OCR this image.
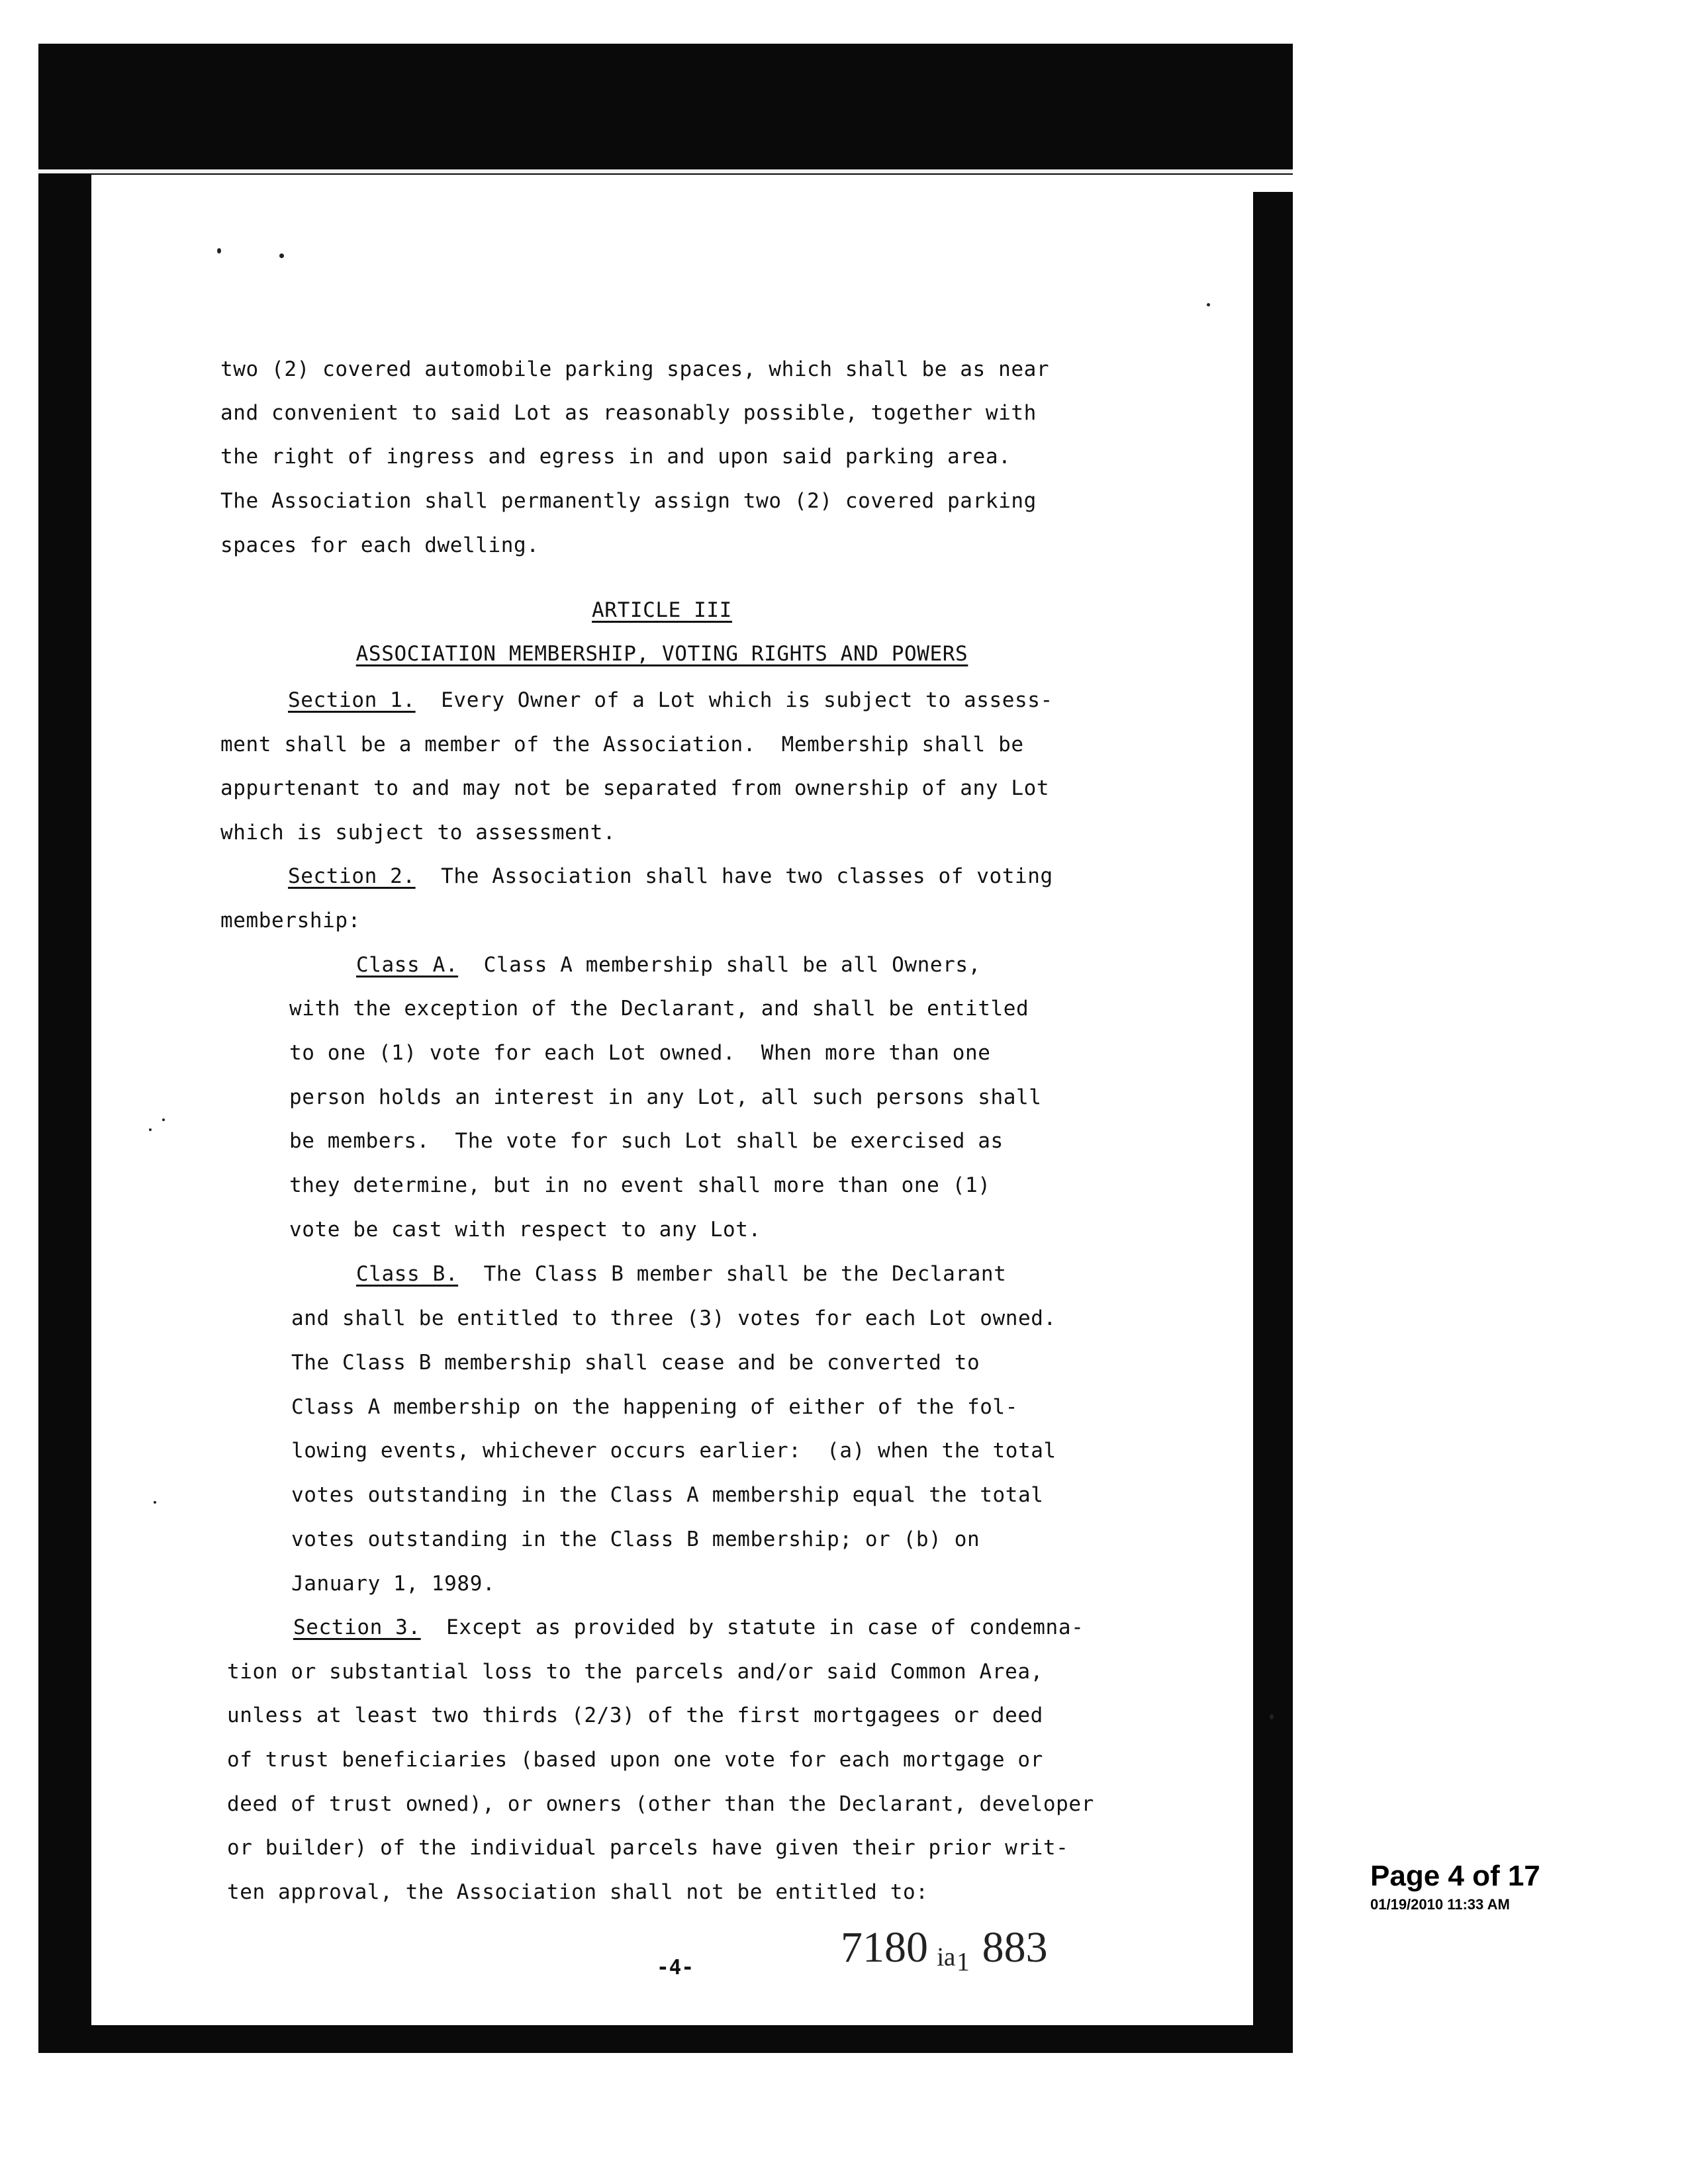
two (2) covered automobile parking spaces, which shall be as near
and convenient to said Lot as reasonably possible, together with
the right of ingress and egress in and upon said parking area.
The Association shall permanently assign two (2) covered parking
spaces for each dwelling.
ARTICLE III
ASSOCIATION MEMBERSHIP, VOTING RIGHTS AND POWERS
Section 1.  Every Owner of a Lot which is subject to assess-
ment shall be a member of the Association.  Membership shall be
appurtenant to and may not be separated from ownership of any Lot
which is subject to assessment.
Section 2.  The Association shall have two classes of voting
membership:
Class A.  Class A membership shall be all Owners,
with the exception of the Declarant, and shall be entitled
to one (1) vote for each Lot owned.  When more than one
person holds an interest in any Lot, all such persons shall
be members.  The vote for such Lot shall be exercised as
they determine, but in no event shall more than one (1)
vote be cast with respect to any Lot.
Class B.  The Class B member shall be the Declarant
and shall be entitled to three (3) votes for each Lot owned.
The Class B membership shall cease and be converted to
Class A membership on the happening of either of the fol-
lowing events, whichever occurs earlier:  (a) when the total
votes outstanding in the Class A membership equal the total
votes outstanding in the Class B membership; or (b) on
January 1, 1989.
Section 3.  Except as provided by statute in case of condemna-
tion or substantial loss to the parcels and/or said Common Area,
unless at least two thirds (2/3) of the first mortgagees or deed
of trust beneficiaries (based upon one vote for each mortgage or
deed of trust owned), or owners (other than the Declarant, developer
or builder) of the individual parcels have given their prior writ-
ten approval, the Association shall not be entitled to:
7180 ᵢₐ₁ 883
-4-
Page 4 of 17
01/19/2010 11:33 AM
